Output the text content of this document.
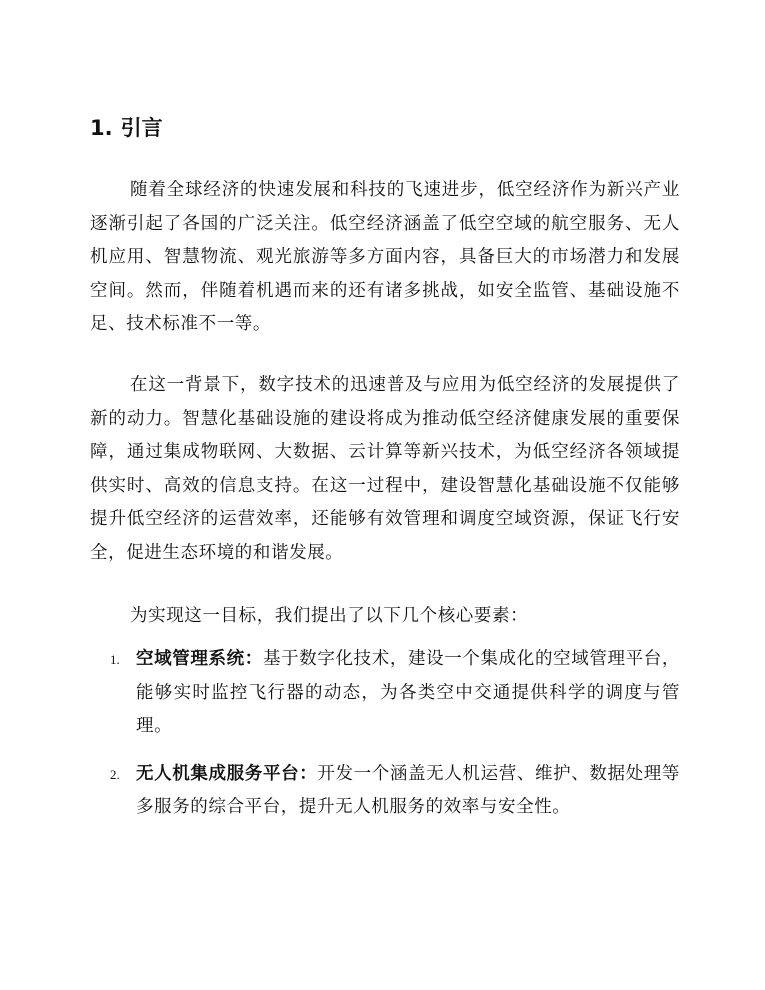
1. 引言

随着全球经济的快速发展和科技的飞速进步，低空经济作为新兴产业逐渐引起了各国的广泛关注。低空经济涵盖了低空空域的航空服务、无人机应用、智慧物流、观光旅游等多方面内容，具备巨大的市场潜力和发展空间。然而，伴随着机遇而来的还有诸多挑战，如安全监管、基础设施不足、技术标准不一等。

在这一背景下，数字技术的迅速普及与应用为低空经济的发展提供了新的动力。智慧化基础设施的建设将成为推动低空经济健康发展的重要保障，通过集成物联网、大数据、云计算等新兴技术，为低空经济各领域提供实时、高效的信息支持。在这一过程中，建设智慧化基础设施不仅能够提升低空经济的运营效率，还能够有效管理和调度空域资源，保证飞行安全，促进生态环境的和谐发展。

为实现这一目标，我们提出了以下几个核心要素：

1. 空域管理系统：基于数字化技术，建设一个集成化的空域管理平台，能够实时监控飞行器的动态，为各类空中交通提供科学的调度与管理。
2. 无人机集成服务平台：开发一个涵盖无人机运营、维护、数据处理等多服务的综合平台，提升无人机服务的效率与安全性。
